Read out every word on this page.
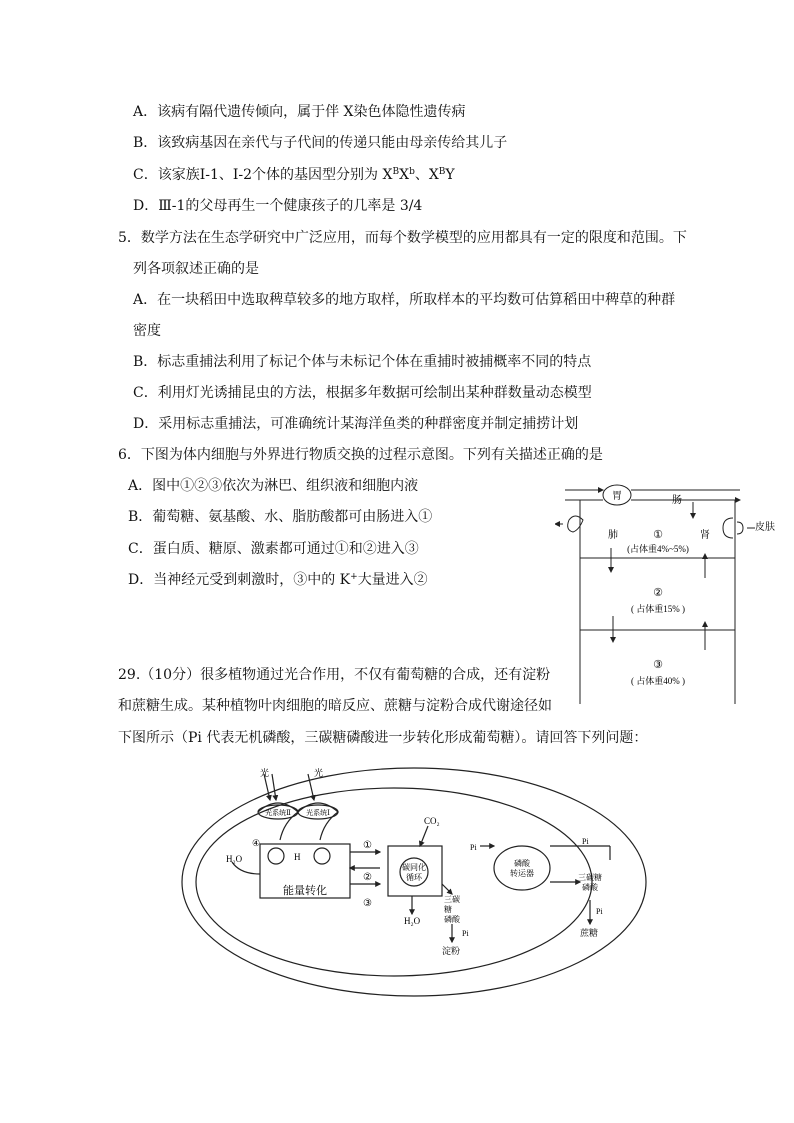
A．该病有隔代遗传倾向，属于伴 X染色体隐性遗传病
B．该致病基因在亲代与子代间的传递只能由母亲传给其儿子
C．该家族Ⅰ-1、Ⅰ-2个体的基因型分别为 $X^BX^b$、$X^BY$
D．Ⅲ-1的父母再生一个健康孩子的几率是 3/4
5．数学方法在生态学研究中广泛应用，而每个数学模型的应用都具有一定的限度和范围。下
列各项叙述正确的是
A．在一块稻田中选取稗草较多的地方取样，所取样本的平均数可估算稻田中稗草的种群
密度
B．标志重捕法利用了标记个体与未标记个体在重捕时被捕概率不同的特点
C．利用灯光诱捕昆虫的方法，根据多年数据可绘制出某种群数量动态模型
D．采用标志重捕法，可准确统计某海洋鱼类的种群密度并制定捕捞计划
6．下图为体内细胞与外界进行物质交换的过程示意图。下列有关描述正确的是
A．图中①②③依次为淋巴、组织液和细胞内液
B．葡萄糖、氨基酸、水、脂肪酸都可由肠进入①
C．蛋白质、糖原、激素都可通过①和②进入③
D．当神经元受到刺激时，③中的 K+大量进入②
胃	肠
肺	肾
皮肤
①
(占体重4%~5%)
②
( 占体重15% )
③
( 占体重40% )
29.（10分）很多植物通过光合作用，不仅有葡萄糖的合成，还有淀粉
和蔗糖生成。某种植物叶肉细胞的暗反应、蔗糖与淀粉合成代谢途径如
下图所示（Pi 代表无机磷酸，三碳糖磷酸进一步转化形成葡萄糖）。请回答下列问题：
光	光
光系统Ⅱ 光系统Ⅰ
H₂O
④
H
能量转化
CO₂
碳同化
循环
①
②
③
H₂O
三碳
糖
磷酸
Pi
淀粉
磷酸
转运器
Pi
Pi
三碳糖
磷酸
Pi
蔗糖
